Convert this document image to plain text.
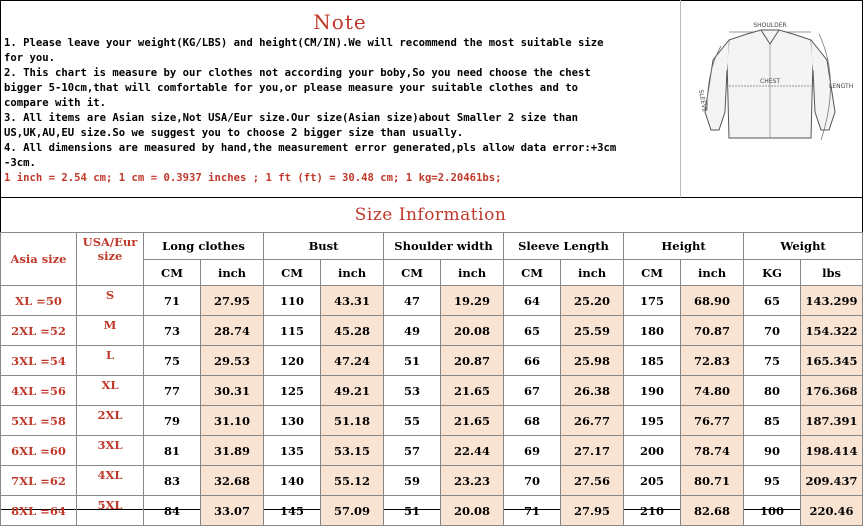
Note
1. Please leave your weight(KG/LBS) and height(CM/IN).We will recommend the most suitable size
for you.
2. This chart is measure by our clothes not according your boby,So you need choose the chest
bigger 5-10cm,that will comfortable for you,or please measure your suitable clothes and to
compare with it.
3. All items are Asian size,Not USA/Eur size.Our size(Asian size)about Smaller 2 size than
US,UK,AU,EU size.So we suggest you to choose 2 bigger size than usually.
4. All dimensions are measured by hand,the measurement error generated,pls allow data error:+3cm
-3cm.
1 inch = 2.54 cm; 1 cm = 0.3937 inches ; 1 ft (ft) = 30.48 cm; 1 kg=2.20461bs;
SHOULDER
CHEST
SLEEVE
LENGTH
Size Information
Asia size	USA/Eur size	Long clothes		Bust		Shoulder width		Sleeve Length		Height		Weight	
		CM	inch	CM	inch	CM	inch	CM	inch	CM	inch	KG	lbs
XL =50	S	71	27.95	110	43.31	47	19.29	64	25.20	175	68.90	65	143.299
2XL =52	M	73	28.74	115	45.28	49	20.08	65	25.59	180	70.87	70	154.322
3XL =54	L	75	29.53	120	47.24	51	20.87	66	25.98	185	72.83	75	165.345
4XL =56	XL	77	30.31	125	49.21	53	21.65	67	26.38	190	74.80	80	176.368
5XL =58	2XL	79	31.10	130	51.18	55	21.65	68	26.77	195	76.77	85	187.391
6XL =60	3XL	81	31.89	135	53.15	57	22.44	69	27.17	200	78.74	90	198.414
7XL =62	4XL	83	32.68	140	55.12	59	23.23	70	27.56	205	80.71	95	209.437
8XL =64	5XL	84	33.07	145	57.09	51	20.08	71	27.95	210	82.68	100	220.46
